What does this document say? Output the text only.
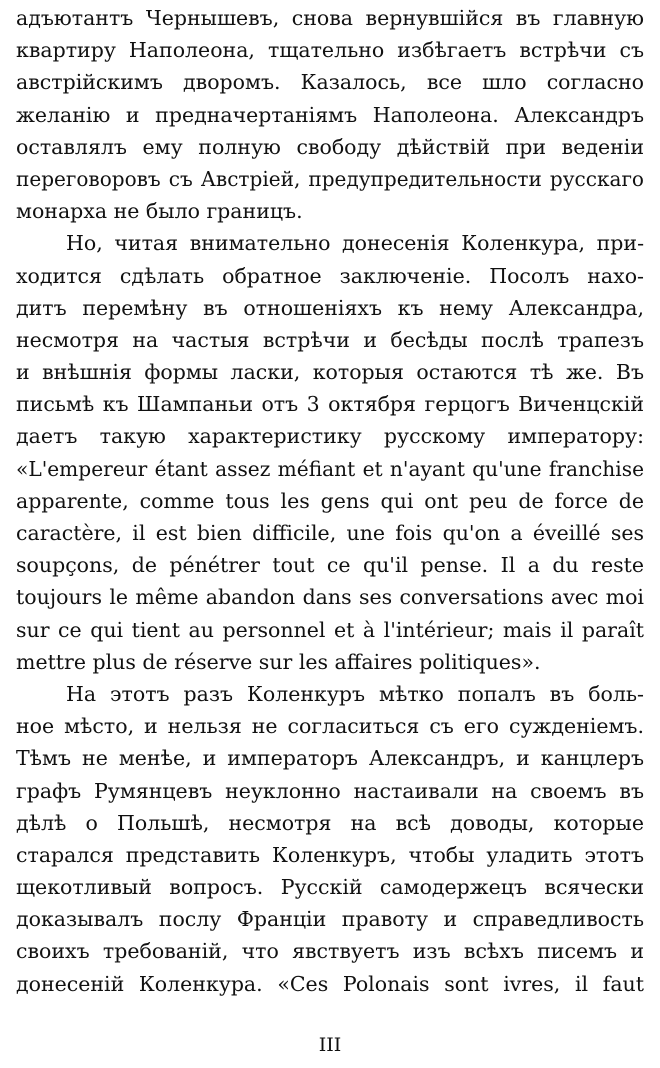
адъютантъ Чернышевъ, снова вернувшійся въ главную
квартиру Наполеона, тщательно избѣгаетъ встрѣчи съ
австрійскимъ дворомъ. Казалось, все шло согласно
желанію и предначертаніямъ Наполеона. Александръ
оставлялъ ему полную свободу дѣйствій при веденіи
переговоровъ съ Австріей, предупредительности русскаго
монарха не было границъ.
Но, читая внимательно донесенія Коленкура, при-
ходится сдѣлать обратное заключеніе. Посолъ нахо-
дитъ перемѣну въ отношеніяхъ къ нему Александра,
несмотря на частыя встрѣчи и бесѣды послѣ трапезъ
и внѣшнія формы ласки, которыя остаются тѣ же. Въ
письмѣ къ Шампаньи отъ 3 октября герцогъ Виченцскій
даетъ такую характеристику русскому императору:
«L'empereur étant assez méfiant et n'ayant qu'une franchise
apparente, comme tous les gens qui ont peu de force de
caractère, il est bien difficile, une fois qu'on a éveillé ses
soupçons, de pénétrer tout ce qu'il pense. Il a du reste
toujours le même abandon dans ses conversations avec moi
sur ce qui tient au personnel et à l'intérieur; mais il paraît
mettre plus de réserve sur les affaires politiques».
На этотъ разъ Коленкуръ мѣтко попалъ въ боль-
ное мѣсто, и нельзя не согласиться съ его сужденіемъ.
Тѣмъ не менѣе, и императоръ Александръ, и канцлеръ
графъ Румянцевъ неуклонно настаивали на своемъ въ
дѣлѣ о Польшѣ, несмотря на всѣ доводы, которые
старался представить Коленкуръ, чтобы уладить этотъ
щекотливый вопросъ. Русскій самодержецъ всячески
доказывалъ послу Франціи правоту и справедливость
своихъ требованій, что явствуетъ изъ всѣхъ писемъ и
донесеній Коленкура. «Ces Polonais sont ivres, il faut
III
